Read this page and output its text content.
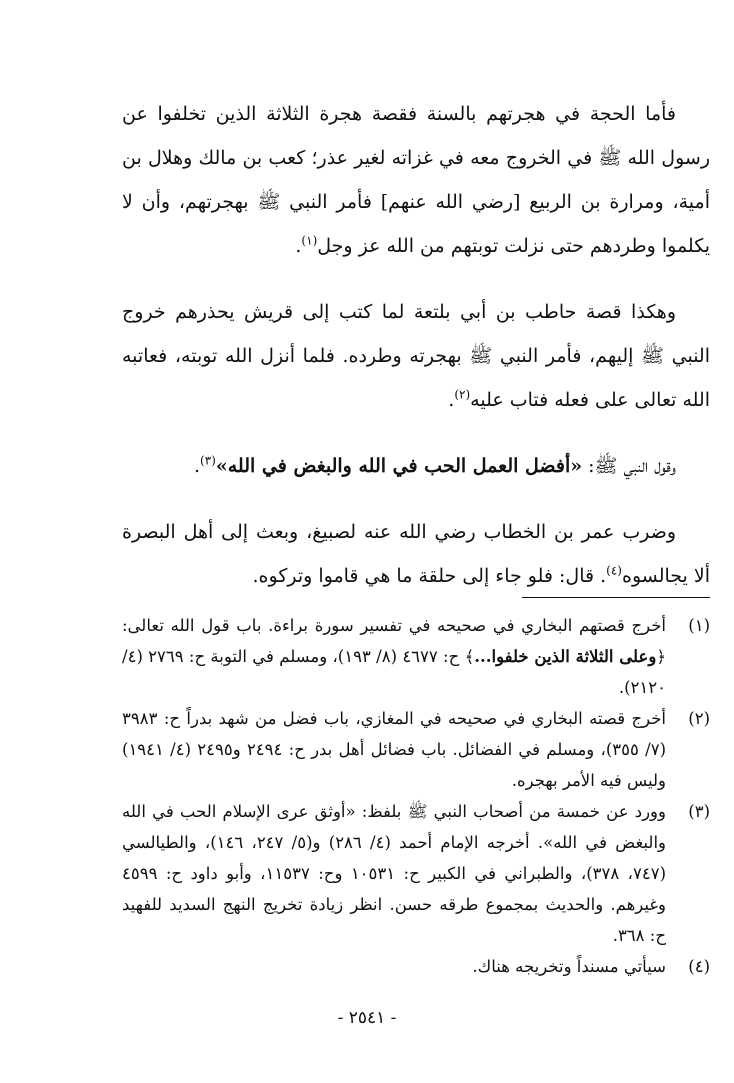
فأما الحجة في هجرتهم بالسنة فقصة هجرة الثلاثة الذين تخلفوا عن رسول الله ﷺ في الخروج معه في غزاته لغير عذر؛ كعب بن مالك وهلال بن أمية، ومرارة بن الربيع [رضي الله عنهم] فأمر النبي ﷺ بهجرتهم، وأن لا يكلموا وطردهم حتى نزلت توبتهم من الله عز وجل$^{(١)}$.

وهكذا قصة حاطب بن أبي بلتعة لما كتب إلى قريش يحذرهم خروج النبي ﷺ إليهم، فأمر النبي ﷺ بهجرته وطرده. فلما أنزل الله توبته، فعاتبه الله تعالى على فعله فتاب عليه$^{(٢)}$.

وقول النبي ﷺ: «أفضل العمل الحب في الله والبغض في الله»$^{(٣)}$.

وضرب عمر بن الخطاب رضي الله عنه لصبيغ، وبعث إلى أهل البصرة ألا يجالسوه$^{(٤)}$. قال: فلو جاء إلى حلقة ما هي قاموا وتركوه.

(١)
أخرج قصتهم البخاري في صحيحه في تفسير سورة براءة. باب قول الله تعالى: ﴿وعلى الثلاثة الذين خلفوا...﴾ ح: ٤٦٧٧ (٨/ ١٩٣)، ومسلم في التوبة ح: ٢٧٦٩ (٤/ ٢١٢٠).
(٢)
أخرج قصته البخاري في صحيحه في المغازي، باب فضل من شهد بدراً ح: ٣٩٨٣ (٧/ ٣٥٥)، ومسلم في الفضائل. باب فضائل أهل بدر ح: ٢٤٩٤ و٢٤٩٥ (٤/ ١٩٤١) وليس فيه الأمر بهجره.
(٣)
وورد عن خمسة من أصحاب النبي ﷺ بلفظ: «أوثق عرى الإسلام الحب في الله والبغض في الله». أخرجه الإمام أحمد (٤/ ٢٨٦) و(٥/ ٢٤٧، ١٤٦)، والطيالسي (٧٤٧، ٣٧٨)، والطبراني في الكبير ح: ١٠٥٣١ وح: ١١٥٣٧، وأبو داود ح: ٤٥٩٩ وغيرهم. والحديث بمجموع طرقه حسن. انظر زيادة تخريج النهج السديد للفهيد ح: ٣٦٨.
(٤)
سيأتي مسنداً وتخريجه هناك.
- ٢٥٤١ -
